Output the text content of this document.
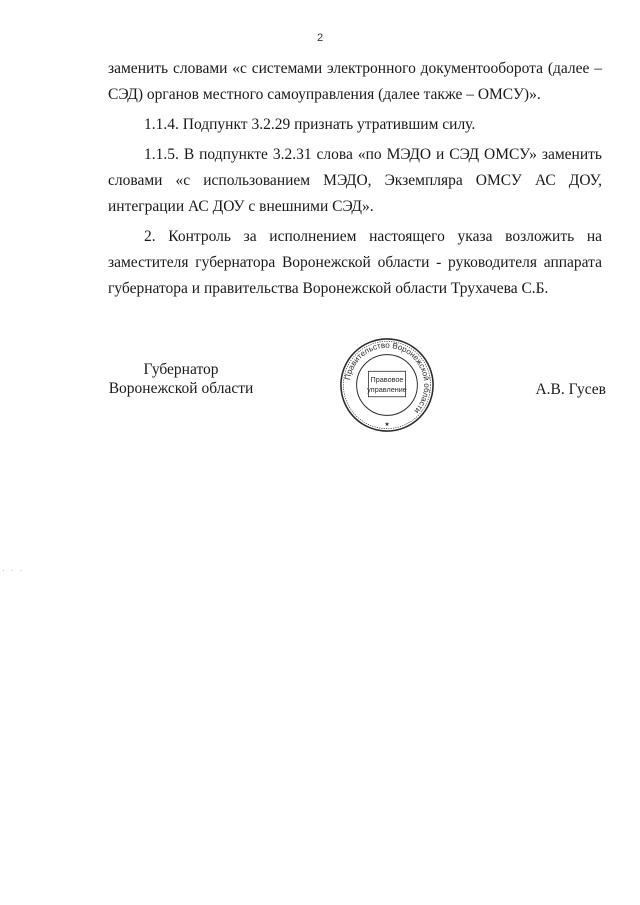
2

заменить словами «с системами электронного документооборота (далее – СЭД) органов местного самоуправления (далее также – ОМСУ)».

1.1.4. Подпункт 3.2.29 признать утратившим силу.

1.1.5. В подпункте 3.2.31 слова «по МЭДО и СЭД ОМСУ» заменить словами «с использованием МЭДО, Экземпляра ОМСУ АС ДОУ, интеграции АС ДОУ с внешними СЭД».

2. Контроль за исполнением настоящего указа возложить на заместителя губернатора Воронежской области - руководителя аппарата губернатора и правительства Воронежской области Трухачева С.Б.

Губернатор
Воронежской области
Правительство Воронежской области
Правовое
управление
★
А.В. Гусев
· · ·
